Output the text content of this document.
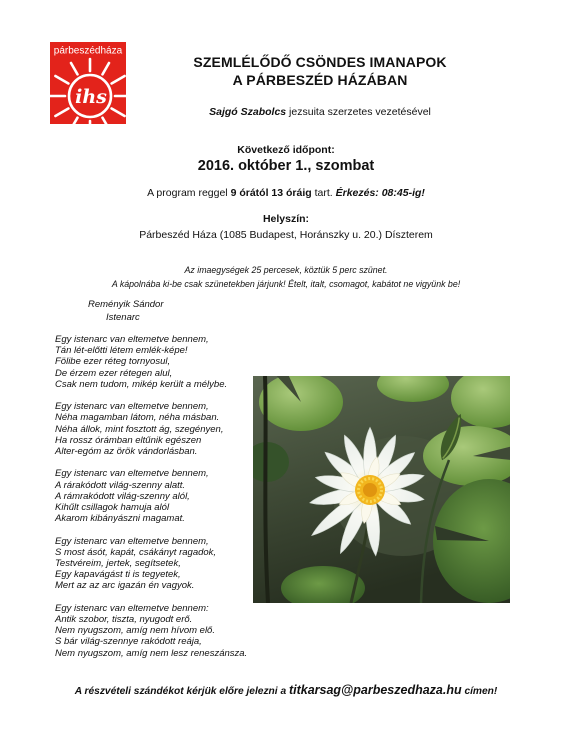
párbeszédháza
ihs
SZEMLÉLŐDŐ CSÖNDES IMANAPOK
A PÁRBESZÉD HÁZÁBAN
Sajgó Szabolcs jezsuita szerzetes vezetésével
Következő időpont:
2016. október 1., szombat
A program reggel 9 órától 13 óráig tart. Érkezés: 08:45-ig!
Helyszín:
Párbeszéd Háza (1085 Budapest, Horánszky u. 20.) Díszterem
Az imaegységek 25 percesek, köztük 5 perc szünet.
A kápolnába ki-be csak szünetekben járjunk! Ételt, italt, csomagot, kabátot ne vigyünk be!
Reményik Sándor
Istenarc
Egy istenarc van eltemetve bennem,
Tán lét-előtti létem emlék-képe!
Fölibe ezer réteg tornyosul,
De érzem ezer rétegen alul,
Csak nem tudom, mikép került a mélybe.
Egy istenarc van eltemetve bennem,
Néha magamban látom, néha másban.
Néha állok, mint fosztott ág, szegényen,
Ha rossz órámban eltűnik egészen
Alter-egóm az örök vándorlásban.
Egy istenarc van eltemetve bennem,
A rárakódott világ-szenny alatt.
A rámrakódott világ-szenny alól,
Kihűlt csillagok hamuja alól
Akarom kibányászni magamat.
Egy istenarc van eltemetve bennem,
S most ásót, kapát, csákányt ragadok,
Testvéreim, jertek, segítsetek,
Egy kapavágást ti is tegyetek,
Mert az az arc igazán én vagyok.
Egy istenarc van eltemetve bennem:
Antik szobor, tiszta, nyugodt erő.
Nem nyugszom, amíg nem hívom elő.
S bár világ-szennye rakódott reája,
Nem nyugszom, amíg nem lesz reneszánsza.
A részvételi szándékot kérjük előre jelezni a titkarsag@parbeszedhaza.hu címen!
